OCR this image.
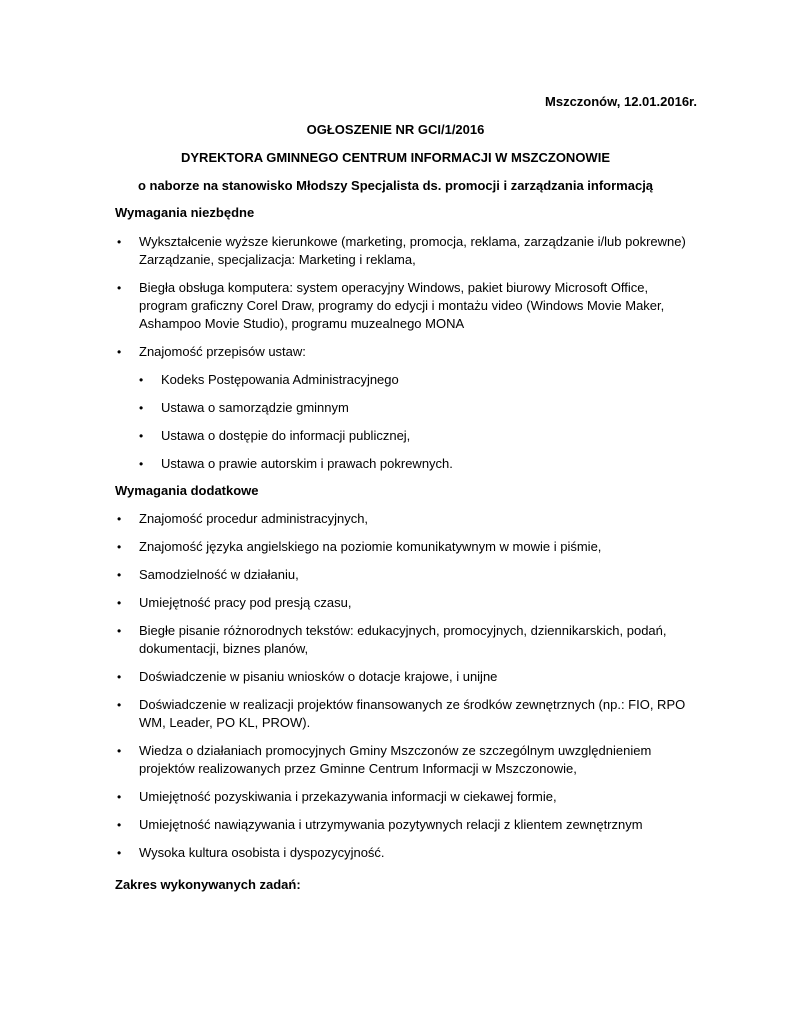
Mszczonów, 12.01.2016r.
OGŁOSZENIE NR GCI/1/2016
DYREKTORA GMINNEGO CENTRUM INFORMACJI W MSZCZONOWIE
o naborze na stanowisko Młodszy Specjalista ds. promocji i zarządzania informacją
Wymagania niezbędne
• Wykształcenie wyższe kierunkowe (marketing, promocja, reklama, zarządzanie i/lub pokrewne) Zarządzanie, specjalizacja: Marketing i reklama,
• Biegła obsługa komputera: system operacyjny Windows, pakiet biurowy Microsoft Office, program graficzny Corel Draw, programy do edycji i montażu video (Windows Movie Maker, Ashampoo Movie Studio), programu muzealnego MONA
• Znajomość przepisów ustaw:
• Kodeks Postępowania Administracyjnego
• Ustawa o samorządzie gminnym
• Ustawa o dostępie do informacji publicznej,
• Ustawa o prawie autorskim i prawach pokrewnych.
Wymagania dodatkowe
• Znajomość procedur administracyjnych,
• Znajomość języka angielskiego na poziomie komunikatywnym w mowie i piśmie,
• Samodzielność w działaniu,
• Umiejętność pracy pod presją czasu,
• Biegłe pisanie różnorodnych tekstów: edukacyjnych, promocyjnych, dziennikarskich, podań, dokumentacji, biznes planów,
• Doświadczenie w pisaniu wniosków o dotacje krajowe, i unijne
• Doświadczenie w realizacji projektów finansowanych ze środków zewnętrznych (np.: FIO, RPO WM, Leader, PO KL, PROW).
• Wiedza o działaniach promocyjnych Gminy Mszczonów ze szczególnym uwzględnieniem projektów realizowanych przez Gminne Centrum Informacji w Mszczonowie,
• Umiejętność pozyskiwania i przekazywania informacji w ciekawej formie,
• Umiejętność nawiązywania i utrzymywania pozytywnych relacji z klientem zewnętrznym
• Wysoka kultura osobista i dyspozycyjność.
Zakres wykonywanych zadań:
